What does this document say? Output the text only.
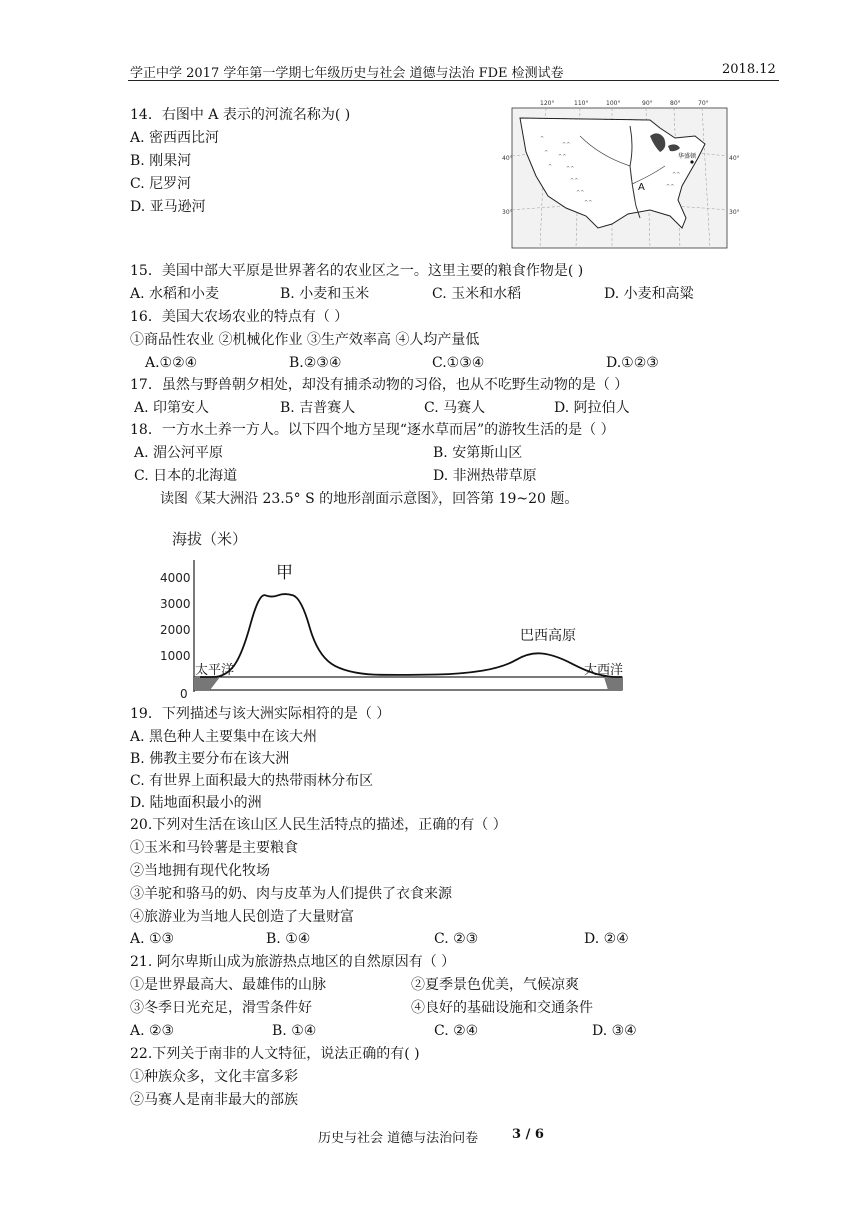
学正中学 2017 学年第一学期七年级历史与社会 道德与法治 FDE 检测试卷	2018.12
14．右图中 A 表示的河流名称为( )
A. 密西西比河
B. 刚果河
C. 尼罗河
D. 亚马逊河
120°	110°	100°	90°	80°	70°
40°
30°
40°
30°
^^
^^
^^
^^
^^
^^
^
^
^
^^
^^
A
华盛顿
15．美国中部大平原是世界著名的农业区之一。这里主要的粮食作物是( )
A. 水稻和小麦	B. 小麦和玉米	C. 玉米和水稻	D. 小麦和高粱
16．美国大农场农业的特点有（ ）
①商品性农业 ②机械化作业 ③生产效率高 ④人均产量低
A.①②④	B.②③④	C.①③④	D.①②③
17．虽然与野兽朝夕相处，却没有捕杀动物的习俗，也从不吃野生动物的是（ ）
A. 印第安人	B. 吉普赛人	C. 马赛人	D. 阿拉伯人
18．一方水土养一方人。以下四个地方呈现“逐水草而居”的游牧生活的是（ ）
A. 湄公河平原	B. 安第斯山区
C. 日本的北海道	D. 非洲热带草原
读图《某大洲沿 23.5° S 的地形剖面示意图》，回答第 19~20 题。
海拔（米）
4000
3000
2000
1000
0
甲
巴西高原
太平洋	大西洋
19．下列描述与该大洲实际相符的是（ ）
A. 黑色种人主要集中在该大州
B. 佛教主要分布在该大洲
C. 有世界上面积最大的热带雨林分布区
D. 陆地面积最小的洲
20.下列对生活在该山区人民生活特点的描述，正确的有（ ）
①玉米和马铃薯是主要粮食
②当地拥有现代化牧场
③羊驼和骆马的奶、肉与皮革为人们提供了衣食来源
④旅游业为当地人民创造了大量财富
A. ①③	B. ①④	C. ②③	D. ②④
21. 阿尔卑斯山成为旅游热点地区的自然原因有（ ）
①是世界最高大、最雄伟的山脉	②夏季景色优美，气候凉爽
③冬季日光充足，滑雪条件好	④良好的基础设施和交通条件
A. ②③	B. ①④	C. ②④	D. ③④
22.下列关于南非的人文特征，说法正确的有( )
①种族众多，文化丰富多彩
②马赛人是南非最大的部族
历史与社会 道德与法治问卷	3 / 6
